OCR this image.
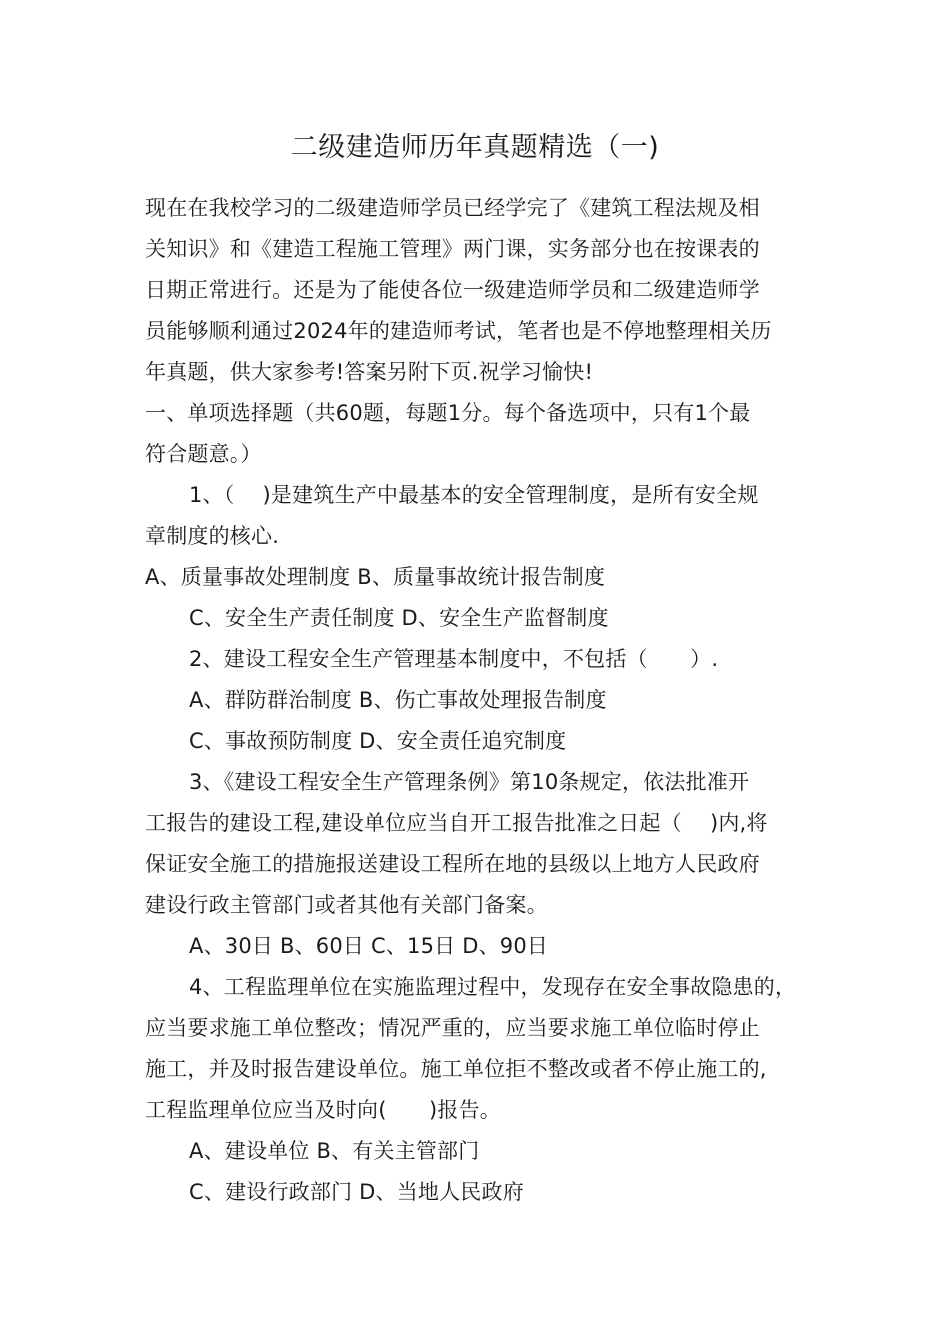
二级建造师历年真题精选（一)
现在在我校学习的二级建造师学员已经学完了《建筑工程法规及相
关知识》和《建造工程施工管理》两门课，实务部分也在按课表的
日期正常进行。还是为了能使各位一级建造师学员和二级建造师学
员能够顺利通过2024年的建造师考试，笔者也是不停地整理相关历
年真题，供大家参考!答案另附下页.祝学习愉快!
一、单项选择题（共60题，每题1分。每个备选项中，只有1个最
符合题意。）
1、（　 )是建筑生产中最基本的安全管理制度，是所有安全规
章制度的核心.
A、质量事故处理制度 B、质量事故统计报告制度
C、安全生产责任制度 D、安全生产监督制度
2、建设工程安全生产管理基本制度中，不包括（　　）.
A、群防群治制度 B、伤亡事故处理报告制度
C、事故预防制度 D、安全责任追究制度
3、《建设工程安全生产管理条例》第10条规定，依法批准开
工报告的建设工程,建设单位应当自开工报告批准之日起（　 )内,将
保证安全施工的措施报送建设工程所在地的县级以上地方人民政府
建设行政主管部门或者其他有关部门备案。
A、30日 B、60日 C、15日 D、90日
4、工程监理单位在实施监理过程中，发现存在安全事故隐患的，
应当要求施工单位整改；情况严重的，应当要求施工单位临时停止
施工，并及时报告建设单位。施工单位拒不整改或者不停止施工的,
工程监理单位应当及时向(　　)报告。
A、建设单位 B、有关主管部门
C、建设行政部门 D、当地人民政府
